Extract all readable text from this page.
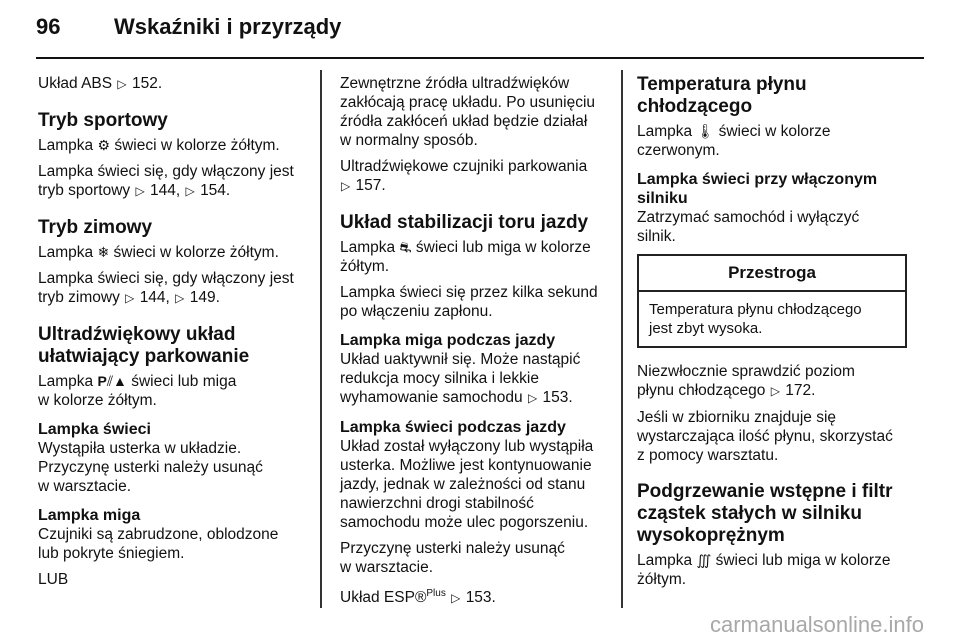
96	Wskaźniki i przyrządy

Układ ABS ▷ 152.

Tryb sportowy

Lampka ⚙ świeci w kolorze żółtym.

Lampka świeci się, gdy włączony jest tryb sportowy ▷ 144, ▷ 154.

Tryb zimowy

Lampka ❄ świeci w kolorze żółtym.

Lampka świeci się, gdy włączony jest tryb zimowy ▷ 144, ▷ 149.

Ultradźwiękowy układ
ułatwiający parkowanie

Lampka P⫽▲ świeci lub miga
w kolorze żółtym.

Lampka świeci

Wystąpiła usterka w układzie.
Przyczynę usterki należy usunąć
w warsztacie.

Lampka miga

Czujniki są zabrudzone, oblodzone
lub pokryte śniegiem.

LUB

Zewnętrzne źródła ultradźwięków
zakłócają pracę układu. Po usunięciu
źródła zakłóceń układ będzie działał
w normalny sposób.

Ultradźwiękowe czujniki parkowania
▷ 157.

Układ stabilizacji toru jazdy

Lampka ⛐ świeci lub miga w kolorze
żółtym.

Lampka świeci się przez kilka sekund
po włączeniu zapłonu.

Lampka miga podczas jazdy

Układ uaktywnił się. Może nastąpić
redukcja mocy silnika i lekkie
wyhamowanie samochodu ▷ 153.

Lampka świeci podczas jazdy

Układ został wyłączony lub wystąpiła
usterka. Możliwe jest kontynuowanie
jazdy, jednak w zależności od stanu
nawierzchni drogi stabilność
samochodu może ulec pogorszeniu.

Przyczynę usterki należy usunąć
w warsztacie.

Układ ESP®$^{Plus}$ ▷ 153.

Temperatura płynu
chłodzącego

Lampka 🌡 świeci w kolorze
czerwonym.

Lampka świeci przy włączonym
silniku

Zatrzymać samochód i wyłączyć
silnik.

Przestroga
Temperatura płynu chłodzącego
jest zbyt wysoka.

Niezwłocznie sprawdzić poziom
płynu chłodzącego ▷ 172.

Jeśli w zbiorniku znajduje się
wystarczająca ilość płynu, skorzystać
z pomocy warsztatu.

Podgrzewanie wstępne i filtr
cząstek stałych w silniku
wysokoprężnym

Lampka ∭ świeci lub miga w kolorze
żółtym.

carmanualsonline.info
